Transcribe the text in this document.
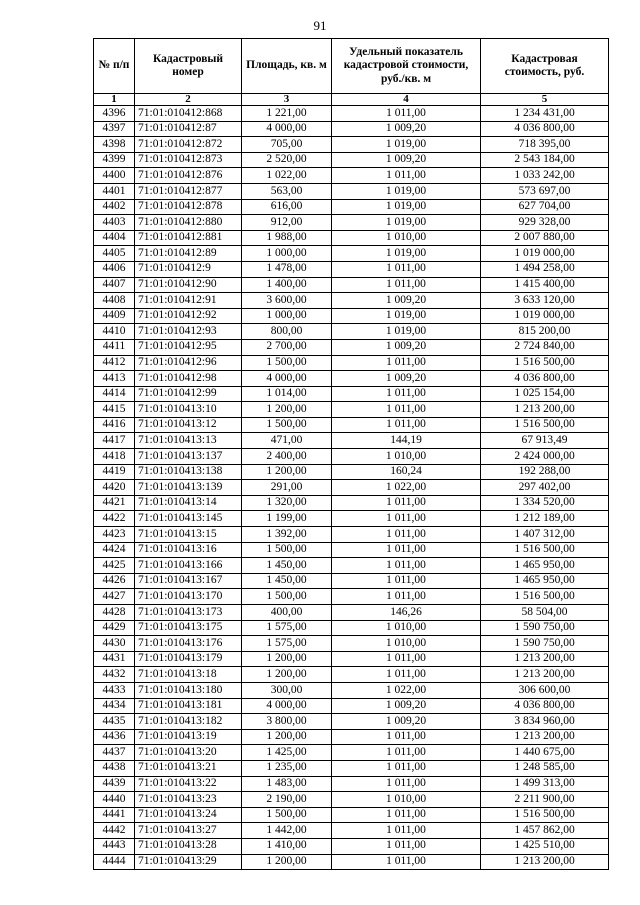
91
№ п/п	Кадастровый номер	Площадь, кв. м	Удельный показатель кадастровой стоимости, руб./кв. м	Кадастровая стоимость, руб.
1	2	3	4	5
4396	71:01:010412:868	1 221,00	1 011,00	1 234 431,00
4397	71:01:010412:87	4 000,00	1 009,20	4 036 800,00
4398	71:01:010412:872	705,00	1 019,00	718 395,00
4399	71:01:010412:873	2 520,00	1 009,20	2 543 184,00
4400	71:01:010412:876	1 022,00	1 011,00	1 033 242,00
4401	71:01:010412:877	563,00	1 019,00	573 697,00
4402	71:01:010412:878	616,00	1 019,00	627 704,00
4403	71:01:010412:880	912,00	1 019,00	929 328,00
4404	71:01:010412:881	1 988,00	1 010,00	2 007 880,00
4405	71:01:010412:89	1 000,00	1 019,00	1 019 000,00
4406	71:01:010412:9	1 478,00	1 011,00	1 494 258,00
4407	71:01:010412:90	1 400,00	1 011,00	1 415 400,00
4408	71:01:010412:91	3 600,00	1 009,20	3 633 120,00
4409	71:01:010412:92	1 000,00	1 019,00	1 019 000,00
4410	71:01:010412:93	800,00	1 019,00	815 200,00
4411	71:01:010412:95	2 700,00	1 009,20	2 724 840,00
4412	71:01:010412:96	1 500,00	1 011,00	1 516 500,00
4413	71:01:010412:98	4 000,00	1 009,20	4 036 800,00
4414	71:01:010412:99	1 014,00	1 011,00	1 025 154,00
4415	71:01:010413:10	1 200,00	1 011,00	1 213 200,00
4416	71:01:010413:12	1 500,00	1 011,00	1 516 500,00
4417	71:01:010413:13	471,00	144,19	67 913,49
4418	71:01:010413:137	2 400,00	1 010,00	2 424 000,00
4419	71:01:010413:138	1 200,00	160,24	192 288,00
4420	71:01:010413:139	291,00	1 022,00	297 402,00
4421	71:01:010413:14	1 320,00	1 011,00	1 334 520,00
4422	71:01:010413:145	1 199,00	1 011,00	1 212 189,00
4423	71:01:010413:15	1 392,00	1 011,00	1 407 312,00
4424	71:01:010413:16	1 500,00	1 011,00	1 516 500,00
4425	71:01:010413:166	1 450,00	1 011,00	1 465 950,00
4426	71:01:010413:167	1 450,00	1 011,00	1 465 950,00
4427	71:01:010413:170	1 500,00	1 011,00	1 516 500,00
4428	71:01:010413:173	400,00	146,26	58 504,00
4429	71:01:010413:175	1 575,00	1 010,00	1 590 750,00
4430	71:01:010413:176	1 575,00	1 010,00	1 590 750,00
4431	71:01:010413:179	1 200,00	1 011,00	1 213 200,00
4432	71:01:010413:18	1 200,00	1 011,00	1 213 200,00
4433	71:01:010413:180	300,00	1 022,00	306 600,00
4434	71:01:010413:181	4 000,00	1 009,20	4 036 800,00
4435	71:01:010413:182	3 800,00	1 009,20	3 834 960,00
4436	71:01:010413:19	1 200,00	1 011,00	1 213 200,00
4437	71:01:010413:20	1 425,00	1 011,00	1 440 675,00
4438	71:01:010413:21	1 235,00	1 011,00	1 248 585,00
4439	71:01:010413:22	1 483,00	1 011,00	1 499 313,00
4440	71:01:010413:23	2 190,00	1 010,00	2 211 900,00
4441	71:01:010413:24	1 500,00	1 011,00	1 516 500,00
4442	71:01:010413:27	1 442,00	1 011,00	1 457 862,00
4443	71:01:010413:28	1 410,00	1 011,00	1 425 510,00
4444	71:01:010413:29	1 200,00	1 011,00	1 213 200,00
